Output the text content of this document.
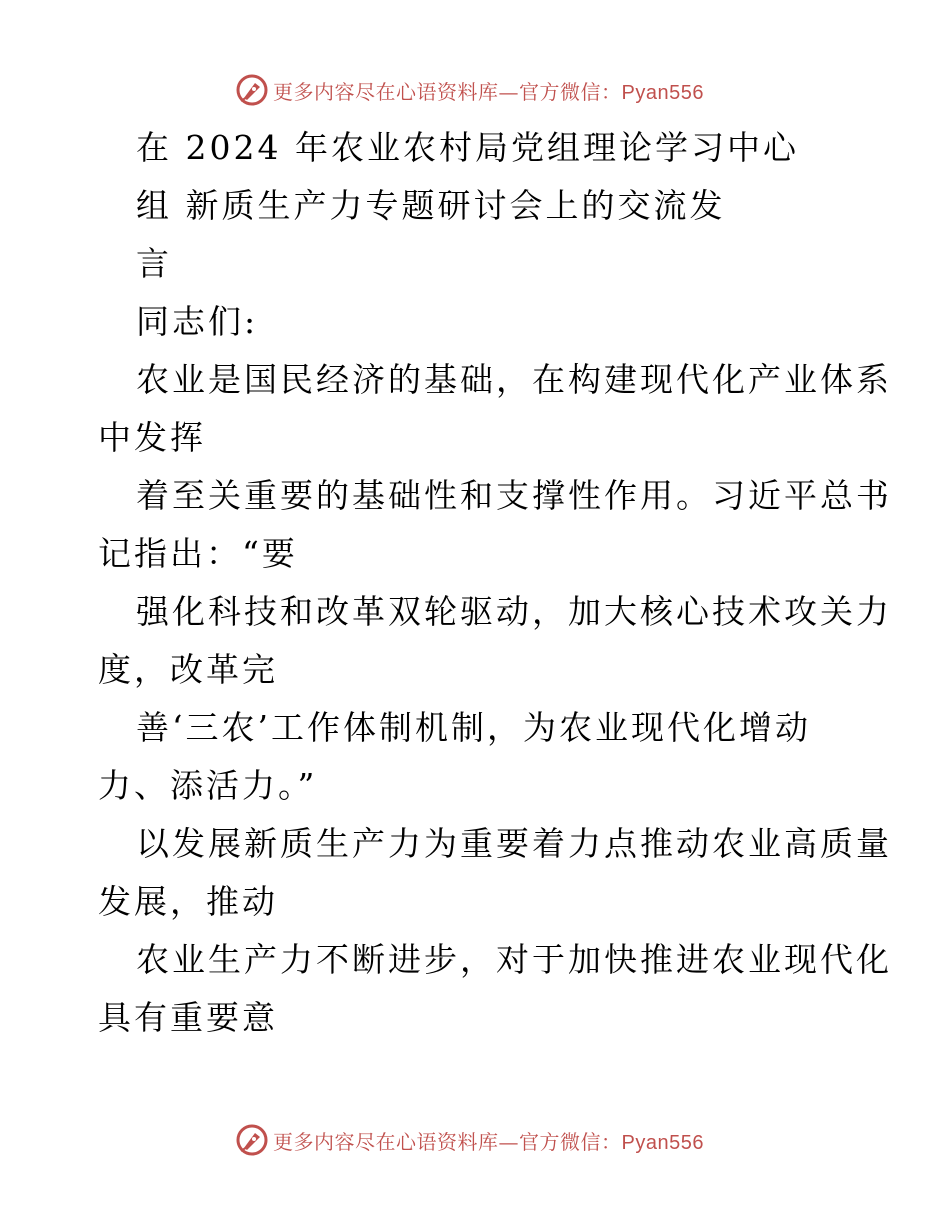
更多内容尽在心语资料库—官方微信：Pyan556
在 2024 年农业农村局党组理论学习中心
组 新质生产力专题研讨会上的交流发
言
同志们:
农业是国民经济的基础，在构建现代化产业体系
中发挥
着至关重要的基础性和支撑性作用。习近平总书
记指出：“要
强化科技和改革双轮驱动，加大核心技术攻关力
度，改革完
善‘三农’工作体制机制，为农业现代化增动
力、添活力。”
以发展新质生产力为重要着力点推动农业高质量
发展，推动
农业生产力不断进步，对于加快推进农业现代化
具有重要意
更多内容尽在心语资料库—官方微信：Pyan556
